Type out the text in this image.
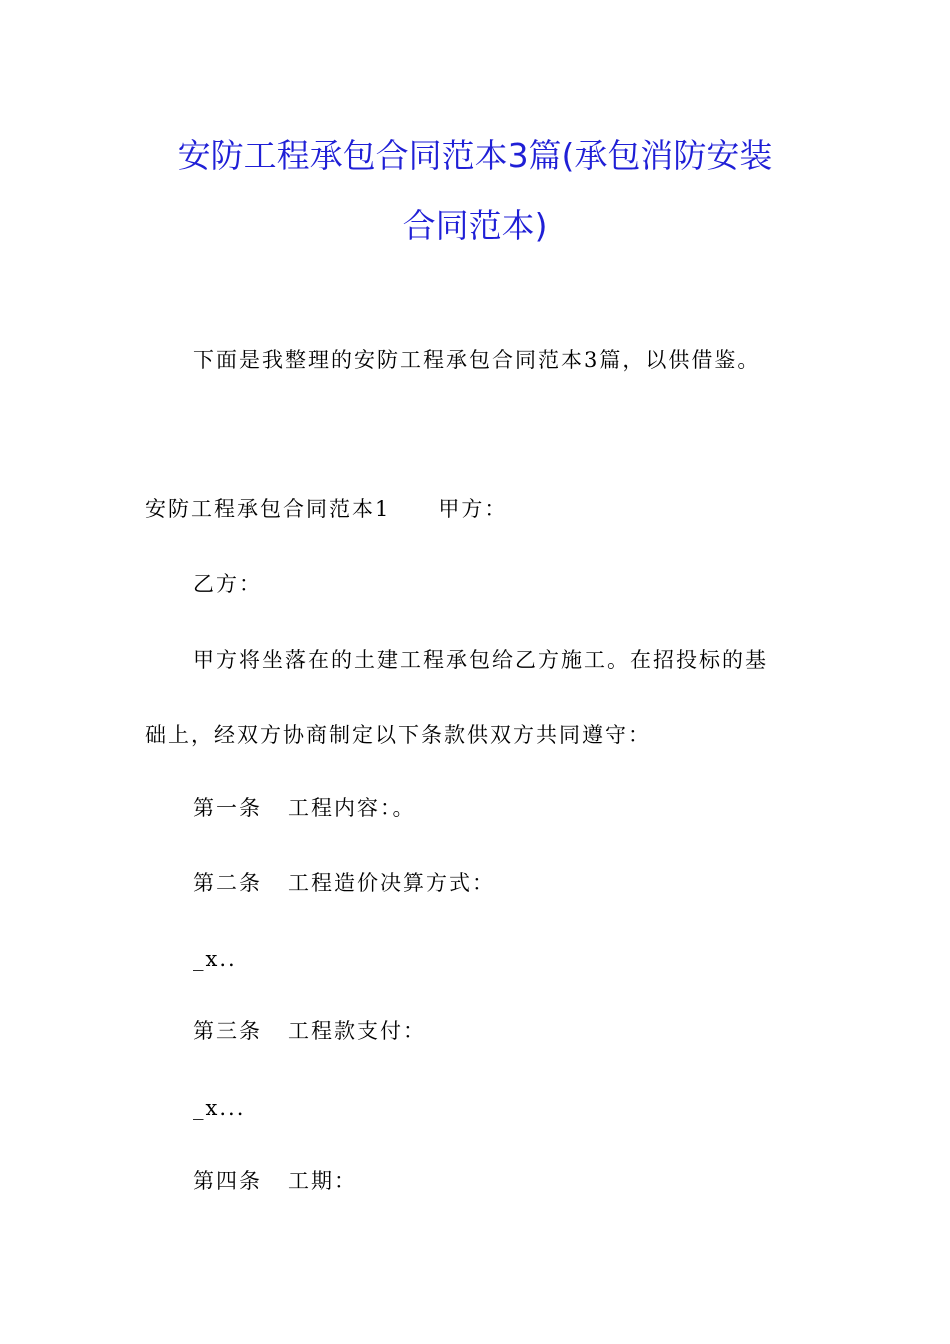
安防工程承包合同范本3篇(承包消防安装
合同范本)
下面是我整理的安防工程承包合同范本3篇，以供借鉴。
安防工程承包合同范本1 甲方：
乙方：
甲方将坐落在的土建工程承包给乙方施工。在招投标的基
础上，经双方协商制定以下条款供双方共同遵守：
第一条 工程内容：。
第二条 工程造价决算方式：
_x..
第三条 工程款支付：
_x...
第四条 工期：
